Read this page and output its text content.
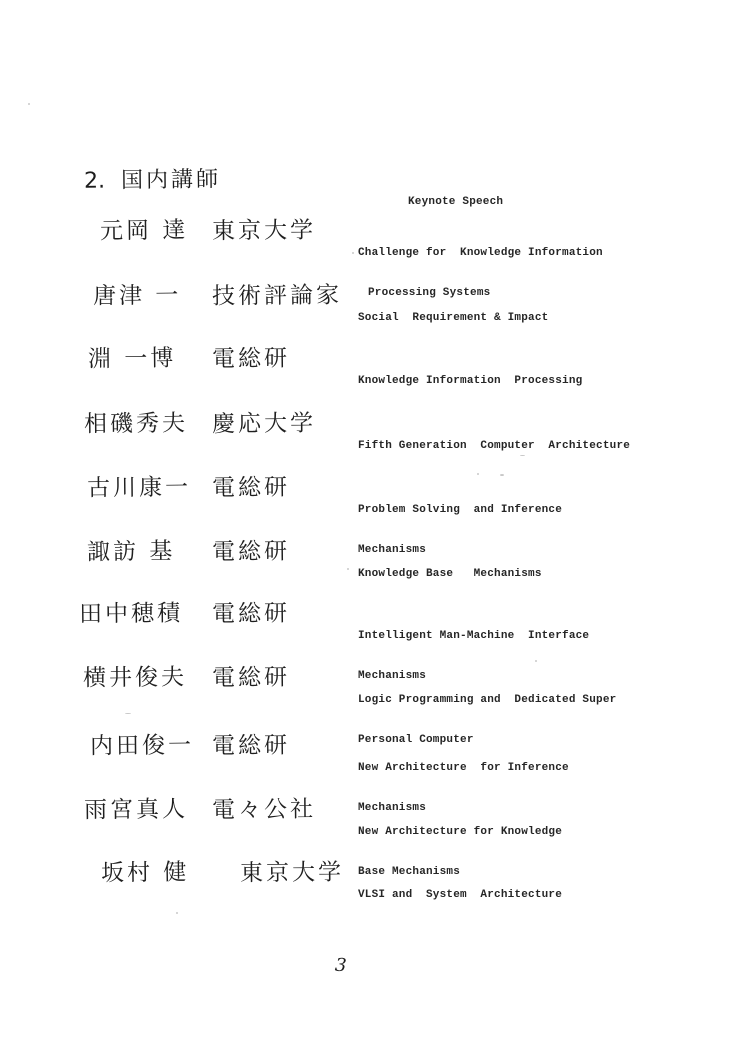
2. 国内講師
Keynote Speech
元岡 達 東京大学

Challenge for  Knowledge Information

Processing Systems

唐津 一 技術評論家

Social  Requirement & Impact

淵 一博 電総研

Knowledge Information  Processing

相磯秀夫 慶応大学

Fifth Generation  Computer  Architecture

古川康一 電総研

Problem Solving  and Inference

Mechanisms

諏訪 基 電総研

Knowledge Base   Mechanisms

田中穂積 電総研

Intelligent Man-Machine  Interface

Mechanisms

横井俊夫 電総研

Logic Programming and  Dedicated Super

Personal Computer

内田俊一 電総研

New Architecture  for Inference

Mechanisms

雨宮真人 電々公社

New Architecture for Knowledge

Base Mechanisms

坂村 健 東京大学

VLSI and  System  Architecture

3
